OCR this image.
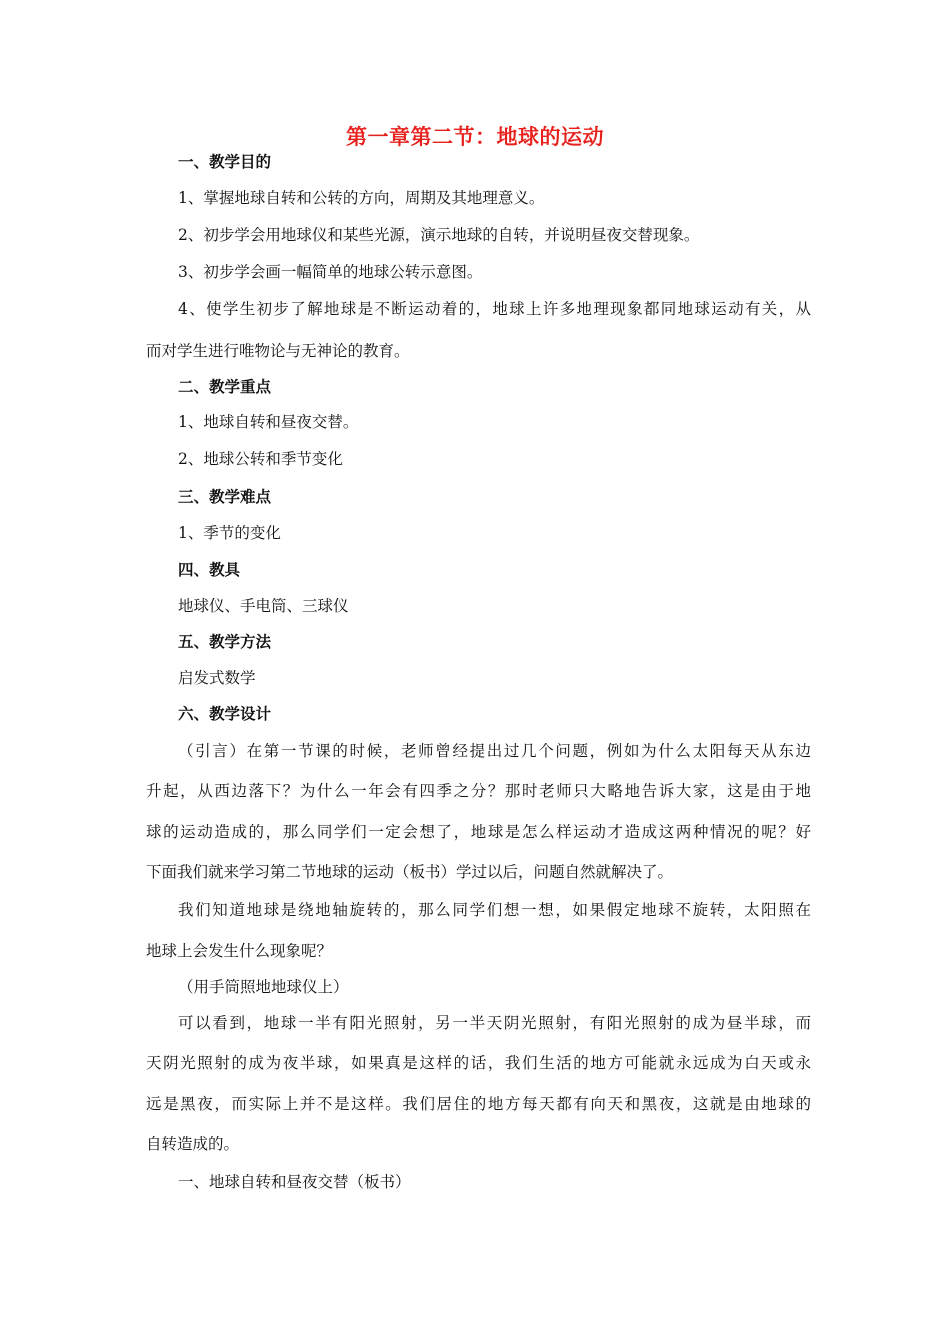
第一章第二节：地球的运动
一、教学目的
1、掌握地球自转和公转的方向，周期及其地理意义。
2、初步学会用地球仪和某些光源，演示地球的自转，并说明昼夜交替现象。
3、初步学会画一幅简单的地球公转示意图。
4、使学生初步了解地球是不断运动着的，地球上许多地理现象都同地球运动有关，从
而对学生进行唯物论与无神论的教育。
二、教学重点
1、地球自转和昼夜交替。
2、地球公转和季节变化
三、教学难点
1、季节的变化
四、教具
地球仪、手电筒、三球仪
五、教学方法
启发式数学
六、教学设计
（引言）在第一节课的时候，老师曾经提出过几个问题，例如为什么太阳每天从东边
升起，从西边落下？为什么一年会有四季之分？那时老师只大略地告诉大家，这是由于地
球的运动造成的，那么同学们一定会想了，地球是怎么样运动才造成这两种情况的呢？好
下面我们就来学习第二节地球的运动（板书）学过以后，问题自然就解决了。
我们知道地球是绕地轴旋转的，那么同学们想一想，如果假定地球不旋转，太阳照在
地球上会发生什么现象呢？
（用手筒照地地球仪上）
可以看到，地球一半有阳光照射，另一半天阴光照射，有阳光照射的成为昼半球，而
天阴光照射的成为夜半球，如果真是这样的话，我们生活的地方可能就永远成为白天或永
远是黑夜，而实际上并不是这样。我们居住的地方每天都有向天和黑夜，这就是由地球的
自转造成的。
一、地球自转和昼夜交替（板书）
